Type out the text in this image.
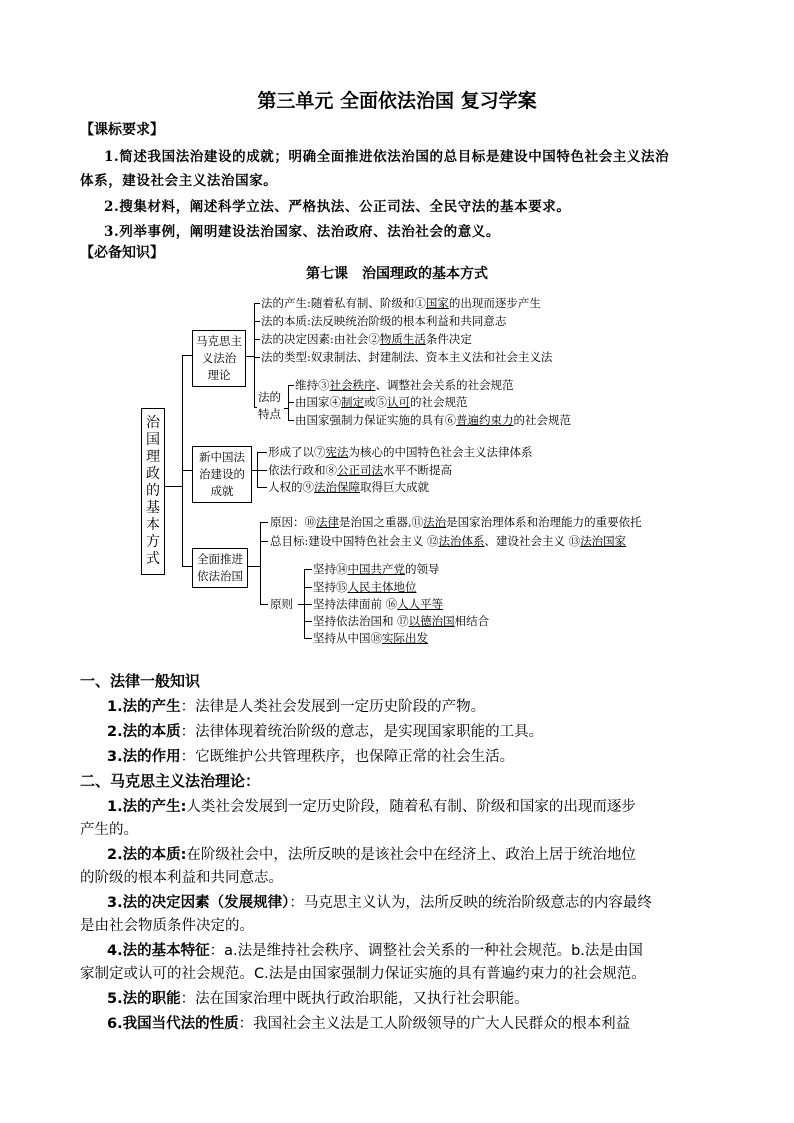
第三单元 全面依法治国 复习学案
【课标要求】
1.简述我国法治建设的成就；明确全面推进依法治国的总目标是建设中国特色社会主义法治
体系，建设社会主义法治国家。
2.搜集材料，阐述科学立法、严格执法、公正司法、全民守法的基本要求。
3.列举事例，阐明建设法治国家、法治政府、法治社会的意义。
【必备知识】
第七课　治国理政的基本方式
治
国
理
政
的
基
本
方
式
马克思主
义法治
理论
法的产生:随着私有制、阶级和①国家的出现而逐步产生
法的本质:法反映统治阶级的根本利益和共同意志
法的决定因素:由社会②物质生活条件决定
法的类型:奴隶制法、封建制法、资本主义法和社会主义法
法的
特点
维持③社会秩序、调整社会关系的社会规范
由国家④制定或⑤认可的社会规范
由国家强制力保证实施的具有⑥普遍约束力的社会规范
新中国法
治建设的
成就
形成了以⑦宪法为核心的中国特色社会主义法律体系
依法行政和⑧公正司法水平不断提高
人权的⑨法治保障取得巨大成就
全面推进
依法治国
原因：⑩法律是治国之重器,⑪法治是国家治理体系和治理能力的重要依托
总目标:建设中国特色社会主义 ⑫法治体系、建设社会主义 ⑬法治国家
原则
坚持⑭中国共产党的领导
坚持⑮人民主体地位
坚持法律面前 ⑯人人平等
坚持依法治国和 ⑰以德治国相结合
坚持从中国⑱实际出发
一、法律一般知识
1.法的产生：法律是人类社会发展到一定历史阶段的产物。
2.法的本质：法律体现着统治阶级的意志，是实现国家职能的工具。
3.法的作用：它既维护公共管理秩序，也保障正常的社会生活。
二、马克思主义法治理论：
1.法的产生:人类社会发展到一定历史阶段，随着私有制、阶级和国家的出现而逐步
产生的。
2.法的本质:在阶级社会中，法所反映的是该社会中在经济上、政治上居于统治地位
的阶级的根本利益和共同意志。
3.法的决定因素（发展规律）：马克思主义认为，法所反映的统治阶级意志的内容最终
是由社会物质条件决定的。
4.法的基本特征：a.法是维持社会秩序、调整社会关系的一种社会规范。b.法是由国
家制定或认可的社会规范。C.法是由国家强制力保证实施的具有普遍约束力的社会规范。
5.法的职能：法在国家治理中既执行政治职能，又执行社会职能。
6.我国当代法的性质：我国社会主义法是工人阶级领导的广大人民群众的根本利益
